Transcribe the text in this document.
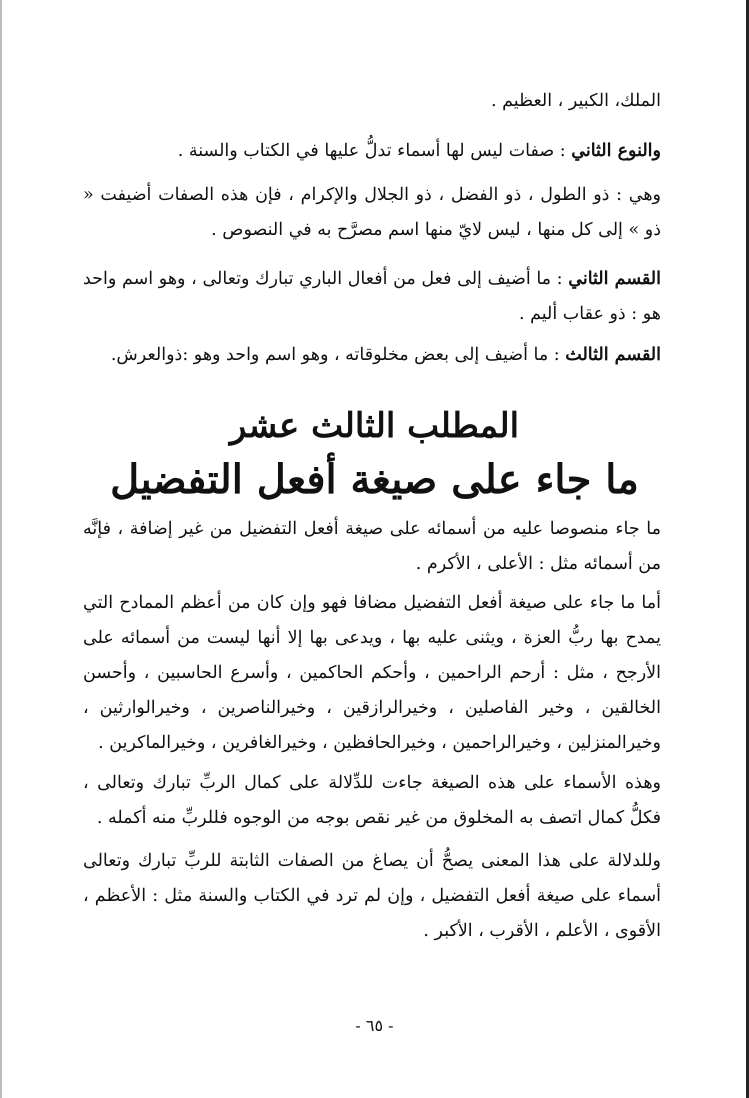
الملك، الكبير ، العظيم .

والنوع الثاني : صفات ليس لها أسماء تدلُّ عليها في الكتاب والسنة .

وهي : ذو الطول ، ذو الفضل ، ذو الجلال والإكرام ، فإن هذه الصفات أضيفت « ذو » إلى كل منها ، ليس لايّ منها اسم مصرَّح به في النصوص .

القسم الثاني : ما أضيف إلى فعل من أفعال الباري تبارك وتعالى ، وهو اسم واحد هو : ذو عقاب أليم .

القسم الثالث : ما أضيف إلى بعض مخلوقاته ، وهو اسم واحد وهو :ذوالعرش.

المطلب الثالث عشر
ما جاء على صيغة أفعل التفضيل

ما جاء منصوصا عليه من أسمائه على صيغة أفعل التفضيل من غير إضافة ، فإنَّه من أسمائه مثل : الأعلى ، الأكرم .

أما ما جاء على صيغة أفعل التفضيل مضافا فهو وإن كان من أعظم الممادح التي يمدح بها ربُّ العزة ، ويثنى عليه بها ، ويدعى بها إلا أنها ليست من أسمائه على الأرجح ، مثل : أرحم الراحمين ، وأحكم الحاكمين ، وأسرع الحاسبين ، وأحسن الخالقين ، وخير الفاصلين ، وخيرالرازقين ، وخيرالناصرين ، وخيرالوارثين ، وخيرالمنزلين ، وخيرالراحمين ، وخيرالحافظين ، وخيرالغافرين ، وخيرالماكرين .

وهذه الأسماء على هذه الصيغة جاءت للدِّلالة على كمال الربِّ تبارك وتعالى ، فكلُّ كمال اتصف به المخلوق من غير نقص بوجه من الوجوه فللربِّ منه أكمله .

وللدلالة على هذا المعنى يصحُّ أن يصاغ من الصفات الثابتة للربِّ تبارك وتعالى أسماء على صيغة أفعل التفضيل ، وإن لم ترد في الكتاب والسنة مثل : الأعظم ، الأقوى ، الأعلم ، الأقرب ، الأكبر .

- ٦٥ -
